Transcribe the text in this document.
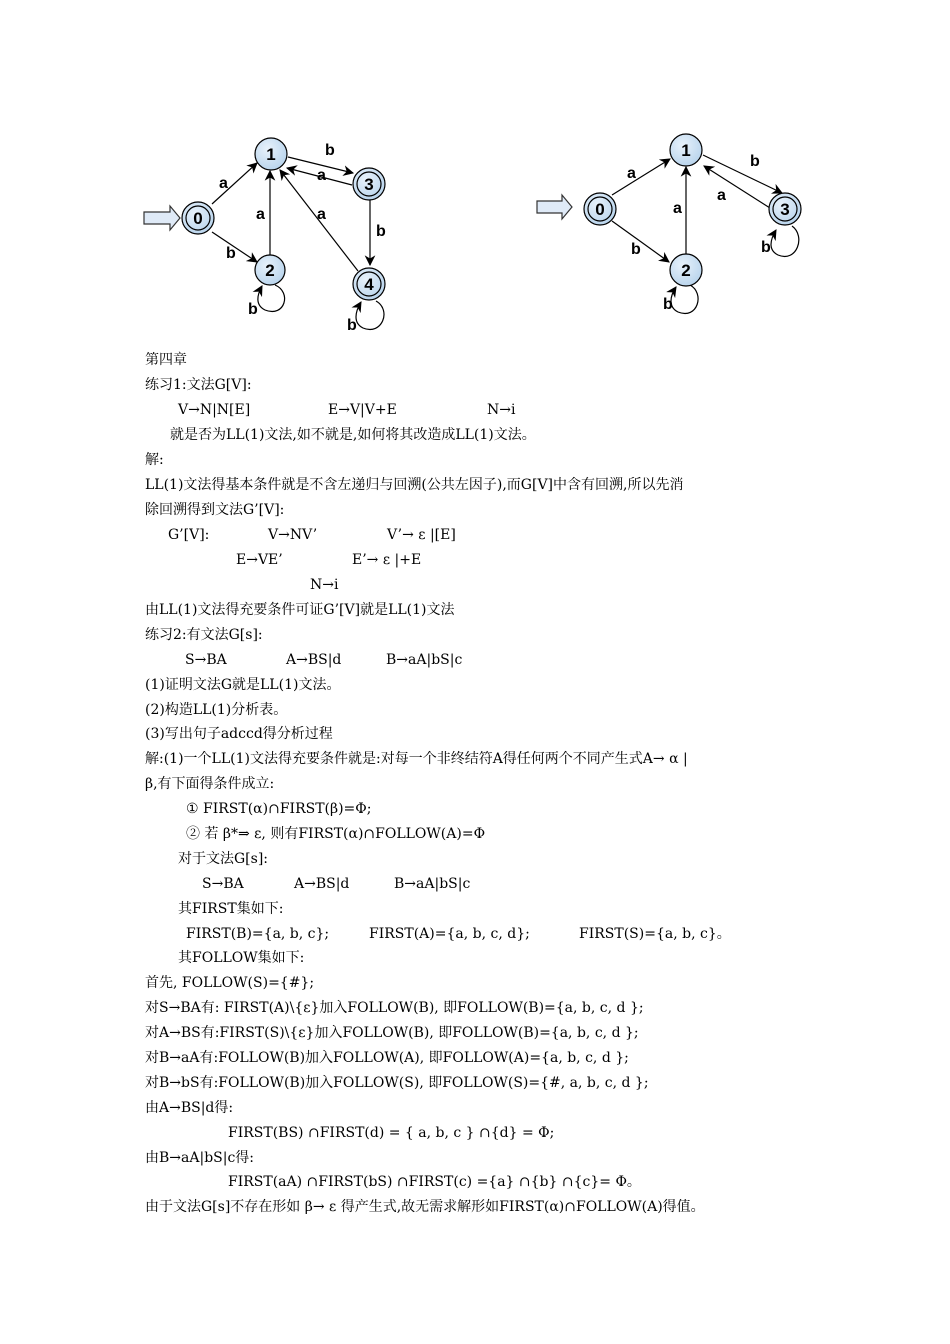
a
b
b
a
a	a
b
b
b
0
1
2
3
4
a
b
a
b
a
b
b
0
1
2
3
第四章
练习1:文法G[V]:
V→N|N[E]	E→V|V+E	N→i
就是否为LL(1)文法,如不就是,如何将其改造成LL(1)文法。
解:
LL(1)文法得基本条件就是不含左递归与回溯(公共左因子),而G[V]中含有回溯,所以先消
除回溯得到文法G’[V]:
G’[V]:	V→NV’	V’→ ε |[E]
E→VE’	E’→ ε |+E
N→i
由LL(1)文法得充要条件可证G’[V]就是LL(1)文法
练习2:有文法G[s]:
S→BA	A→BS|d	B→aA|bS|c
(1)证明文法G就是LL(1)文法。
(2)构造LL(1)分析表。
(3)写出句子adccd得分析过程
解:(1)一个LL(1)文法得充要条件就是:对每一个非终结符A得任何两个不同产生式A→ α |
β,有下面得条件成立:
① FIRST(α)∩FIRST(β)=Φ;
② 若 β*⇒ ε, 则有FIRST(α)∩FOLLOW(A)=Φ
对于文法G[s]:
S→BA	A→BS|d	B→aA|bS|c
其FIRST集如下:
FIRST(B)={a, b, c};	FIRST(A)={a, b, c, d};	FIRST(S)={a, b, c}。
其FOLLOW集如下:
首先, FOLLOW(S)={#};
对S→BA有: FIRST(A)\{ε}加入FOLLOW(B), 即FOLLOW(B)={a, b, c, d };
对A→BS有:FIRST(S)\{ε}加入FOLLOW(B), 即FOLLOW(B)={a, b, c, d };
对B→aA有:FOLLOW(B)加入FOLLOW(A), 即FOLLOW(A)={a, b, c, d };
对B→bS有:FOLLOW(B)加入FOLLOW(S), 即FOLLOW(S)={#, a, b, c, d };
由A→BS|d得:
FIRST(BS) ∩FIRST(d) = { a, b, c } ∩{d} = Φ;
由B→aA|bS|c得:
FIRST(aA) ∩FIRST(bS) ∩FIRST(c) ={a} ∩{b} ∩{c}= Φ。
由于文法G[s]不存在形如 β→ ε 得产生式,故无需求解形如FIRST(α)∩FOLLOW(A)得值。
